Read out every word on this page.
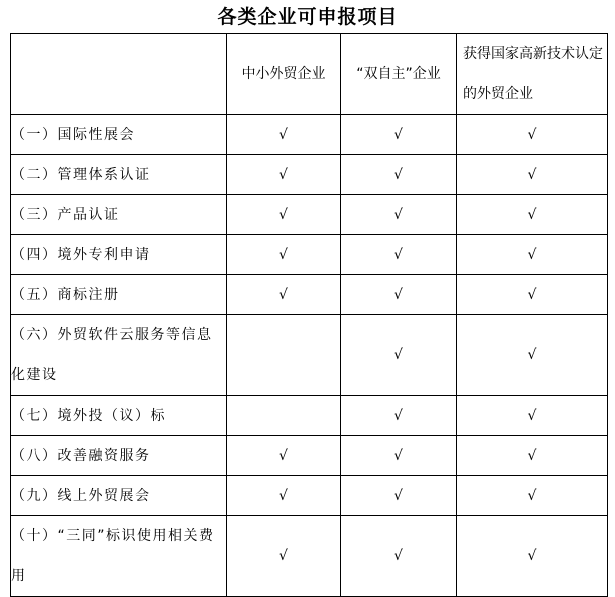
各类企业可申报项目
	中小外贸企业	“双自主”企业	获得国家高新技术认定的外贸企业
（一）国际性展会	√	√	√
（二）管理体系认证	√	√	√
（三）产品认证	√	√	√
（四）境外专利申请	√	√	√
（五）商标注册	√	√	√
（六）外贸软件云服务等信息化建设		√	√
（七）境外投（议）标		√	√
（八）改善融资服务	√	√	√
（九）线上外贸展会	√	√	√
（十）“三同”标识使用相关费用	√	√	√
